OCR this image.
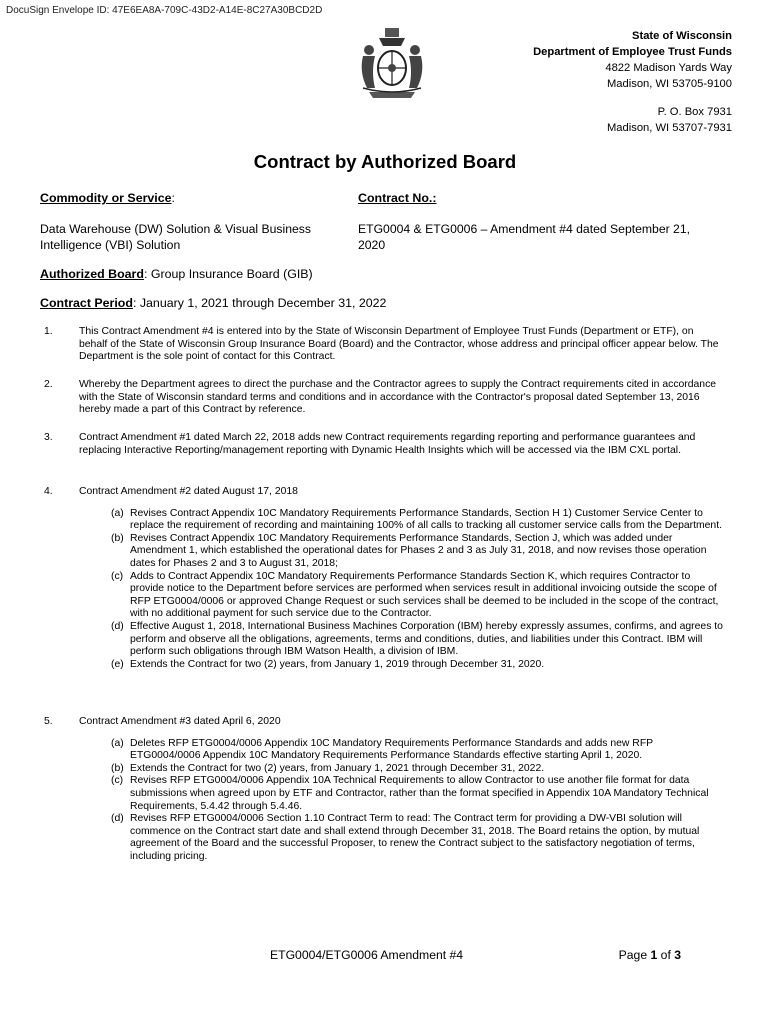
DocuSign Envelope ID: 47E6EA8A-709C-43D2-A14E-8C27A30BCD2D
State of Wisconsin
Department of Employee Trust Funds
4822 Madison Yards Way
Madison, WI 53705-9100
P. O. Box 7931
Madison, WI 53707-7931
Contract by Authorized Board
Commodity or Service:	Contract No.:
Data Warehouse (DW) Solution & Visual Business Intelligence (VBI) Solution
ETG0004 & ETG0006 – Amendment #4 dated September 21, 2020
Authorized Board: Group Insurance Board (GIB)
Contract Period: January 1, 2021 through December 31, 2022
1.	This Contract Amendment #4 is entered into by the State of Wisconsin Department of Employee Trust Funds (Department or ETF), on behalf of the State of Wisconsin Group Insurance Board (Board) and the Contractor, whose address and principal officer appear below. The Department is the sole point of contact for this Contract.
2.	Whereby the Department agrees to direct the purchase and the Contractor agrees to supply the Contract requirements cited in accordance with the State of Wisconsin standard terms and conditions and in accordance with the Contractor's proposal dated September 13, 2016 hereby made a part of this Contract by reference.
3.	Contract Amendment #1 dated March 22, 2018 adds new Contract requirements regarding reporting and performance guarantees and replacing Interactive Reporting/management reporting with Dynamic Health Insights which will be accessed via the IBM CXL portal.
4.	Contract Amendment #2 dated August 17, 2018
(a) Revises Contract Appendix 10C Mandatory Requirements Performance Standards, Section H 1) Customer Service Center to replace the requirement of recording and maintaining 100% of all calls to tracking all customer service calls from the Department.
(b) Revises Contract Appendix 10C Mandatory Requirements Performance Standards, Section J, which was added under Amendment 1, which established the operational dates for Phases 2 and 3 as July 31, 2018, and now revises those operation dates for Phases 2 and 3 to August 31, 2018;
(c) Adds to Contract Appendix 10C Mandatory Requirements Performance Standards Section K, which requires Contractor to provide notice to the Department before services are performed when services result in additional invoicing outside the scope of RFP ETG0004/0006 or approved Change Request or such services shall be deemed to be included in the scope of the contract, with no additional payment for such service due to the Contractor.
(d) Effective August 1, 2018, International Business Machines Corporation (IBM) hereby expressly assumes, confirms, and agrees to perform and observe all the obligations, agreements, terms and conditions, duties, and liabilities under this Contract. IBM will perform such obligations through IBM Watson Health, a division of IBM.
(e) Extends the Contract for two (2) years, from January 1, 2019 through December 31, 2020.
5.	Contract Amendment #3 dated April 6, 2020
(a) Deletes RFP ETG0004/0006 Appendix 10C Mandatory Requirements Performance Standards and adds new RFP ETG0004/0006 Appendix 10C Mandatory Requirements Performance Standards effective starting April 1, 2020.
(b) Extends the Contract for two (2) years, from January 1, 2021 through December 31, 2022.
(c) Revises RFP ETG0004/0006 Appendix 10A Technical Requirements to allow Contractor to use another file format for data submissions when agreed upon by ETF and Contractor, rather than the format specified in Appendix 10A Mandatory Technical Requirements, 5.4.42 through 5.4.46.
(d) Revises RFP ETG0004/0006 Section 1.10 Contract Term to read: The Contract term for providing a DW-VBI solution will commence on the Contract start date and shall extend through December 31, 2018. The Board retains the option, by mutual agreement of the Board and the successful Proposer, to renew the Contract subject to the satisfactory negotiation of terms, including pricing.
ETG0004/ETG0006 Amendment #4	Page 1 of 3
